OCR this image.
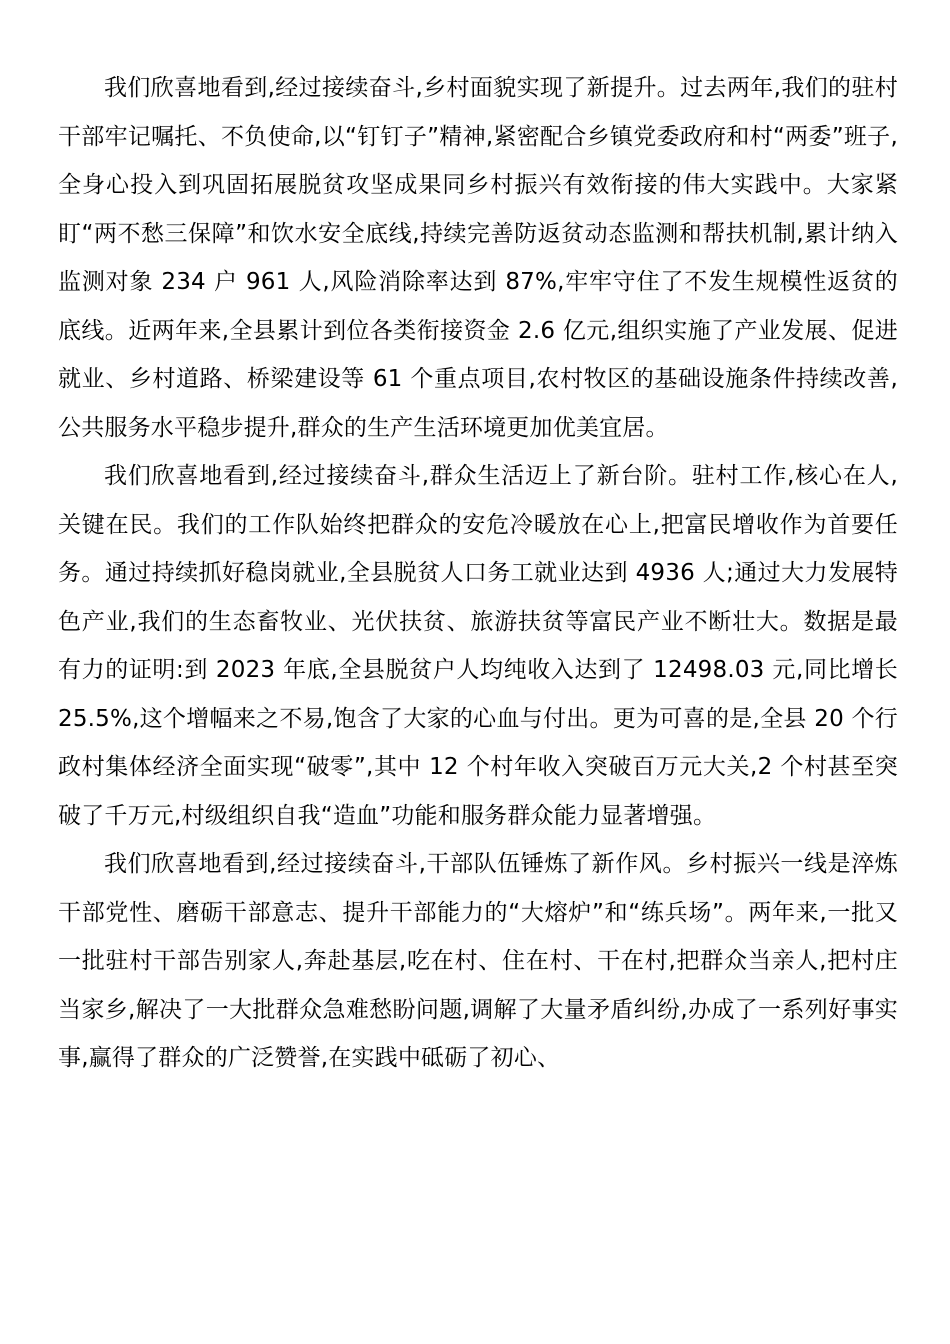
我们欣喜地看到,经过接续奋斗,乡村面貌实现了新提升。过去两年,我们的驻村干部牢记嘱托、不负使命,以“钉钉子”精神,紧密配合乡镇党委政府和村“两委”班子,全身心投入到巩固拓展脱贫攻坚成果同乡村振兴有效衔接的伟大实践中。大家紧盯“两不愁三保障”和饮水安全底线,持续完善防返贫动态监测和帮扶机制,累计纳入监测对象 234 户 961 人,风险消除率达到 87%,牢牢守住了不发生规模性返贫的底线。近两年来,全县累计到位各类衔接资金 2.6 亿元,组织实施了产业发展、促进就业、乡村道路、桥梁建设等 61 个重点项目,农村牧区的基础设施条件持续改善,公共服务水平稳步提升,群众的生产生活环境更加优美宜居。

我们欣喜地看到,经过接续奋斗,群众生活迈上了新台阶。驻村工作,核心在人,关键在民。我们的工作队始终把群众的安危冷暖放在心上,把富民增收作为首要任务。通过持续抓好稳岗就业,全县脱贫人口务工就业达到 4936 人;通过大力发展特色产业,我们的生态畜牧业、光伏扶贫、旅游扶贫等富民产业不断壮大。数据是最有力的证明:到 2023 年底,全县脱贫户人均纯收入达到了 12498.03 元,同比增长 25.5%,这个增幅来之不易,饱含了大家的心血与付出。更为可喜的是,全县 20 个行政村集体经济全面实现“破零”,其中 12 个村年收入突破百万元大关,2 个村甚至突破了千万元,村级组织自我“造血”功能和服务群众能力显著增强。

我们欣喜地看到,经过接续奋斗,干部队伍锤炼了新作风。乡村振兴一线是淬炼干部党性、磨砺干部意志、提升干部能力的“大熔炉”和“练兵场”。两年来,一批又一批驻村干部告别家人,奔赴基层,吃在村、住在村、干在村,把群众当亲人,把村庄当家乡,解决了一大批群众急难愁盼问题,调解了大量矛盾纠纷,办成了一系列好事实事,赢得了群众的广泛赞誉,在实践中砥砺了初心、
